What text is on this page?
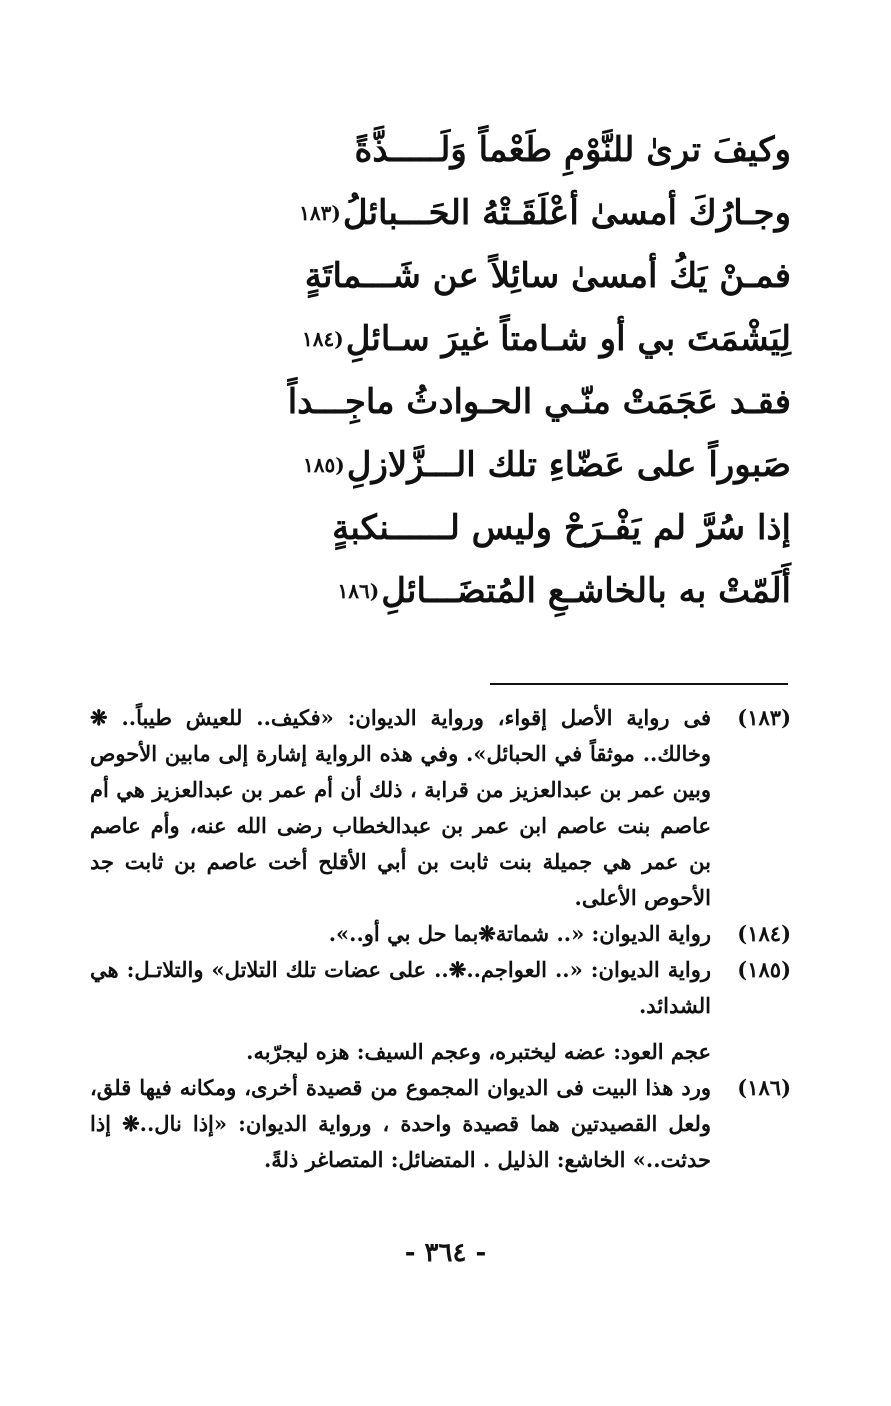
وكيفَ ترىٰ للنَّوْمِ طَعْماً وَلَـــــذَّةً
وجـارُكَ أمسىٰ أعْلَقَـتْهُ الحَـــبائلُ
(١٨٣
فمـنْ يَكُ أمسىٰ سائِلاً عن شَـــماتَةٍ
لِيَشْمَتَ بي أو شـامتاً غيرَ سـائلِ
(١٨٤
فقـد عَجَمَتْ منّـي الحـوادثُ ماجِـــداً
صَبوراً على عَضّاءِ تلك الـــزَّلازلِ
(١٨٥
إذا سُرَّ لم يَفْـرَحْ وليس لــــــنكبةٍ
أَلَمّتْ به بالخاشـعِ المُتضَـــائلِ
(١٨٦
(١٨٣)
فى رواية الأصل إقواء، ورواية الديوان: «فكيف.. للعيش طيباً.. ❋ وخالك.. موثقاً في الحبائل». وفي هذه الرواية إشارة إلى مابين الأحوص وبين عمر بن عبدالعزيز من قرابة ، ذلك أن أم عمر بن عبدالعزيز هي أم عاصم بنت عاصم ابن عمر بن عبدالخطاب رضى الله عنه، وأم عاصم بن عمر هي جميلة بنت ثابت بن أبي الأقلح أخت عاصم بن ثابت جد الأحوص الأعلى.
(١٨٤)
رواية الديوان: «.. شماتة❋بما حل بي أو..».
(١٨٥)
رواية الديوان: «.. العواجم..❋.. على عضات تلك التلاتل» والتلاتـل: هي الشدائد.
عجم العود: عضه ليختبره، وعجم السيف: هزه ليجرّبه.
(١٨٦)
ورد هذا البيت فى الديوان المجموع من قصيدة أخرى، ومكانه فيها قلق، ولعل القصيدتين هما قصيدة واحدة ، ورواية الديوان: «إذا نال..❋ إذا حدثت..» الخاشع: الذليل . المتضائل: المتصاغر ذلةً.
- ٣٦٤ -
